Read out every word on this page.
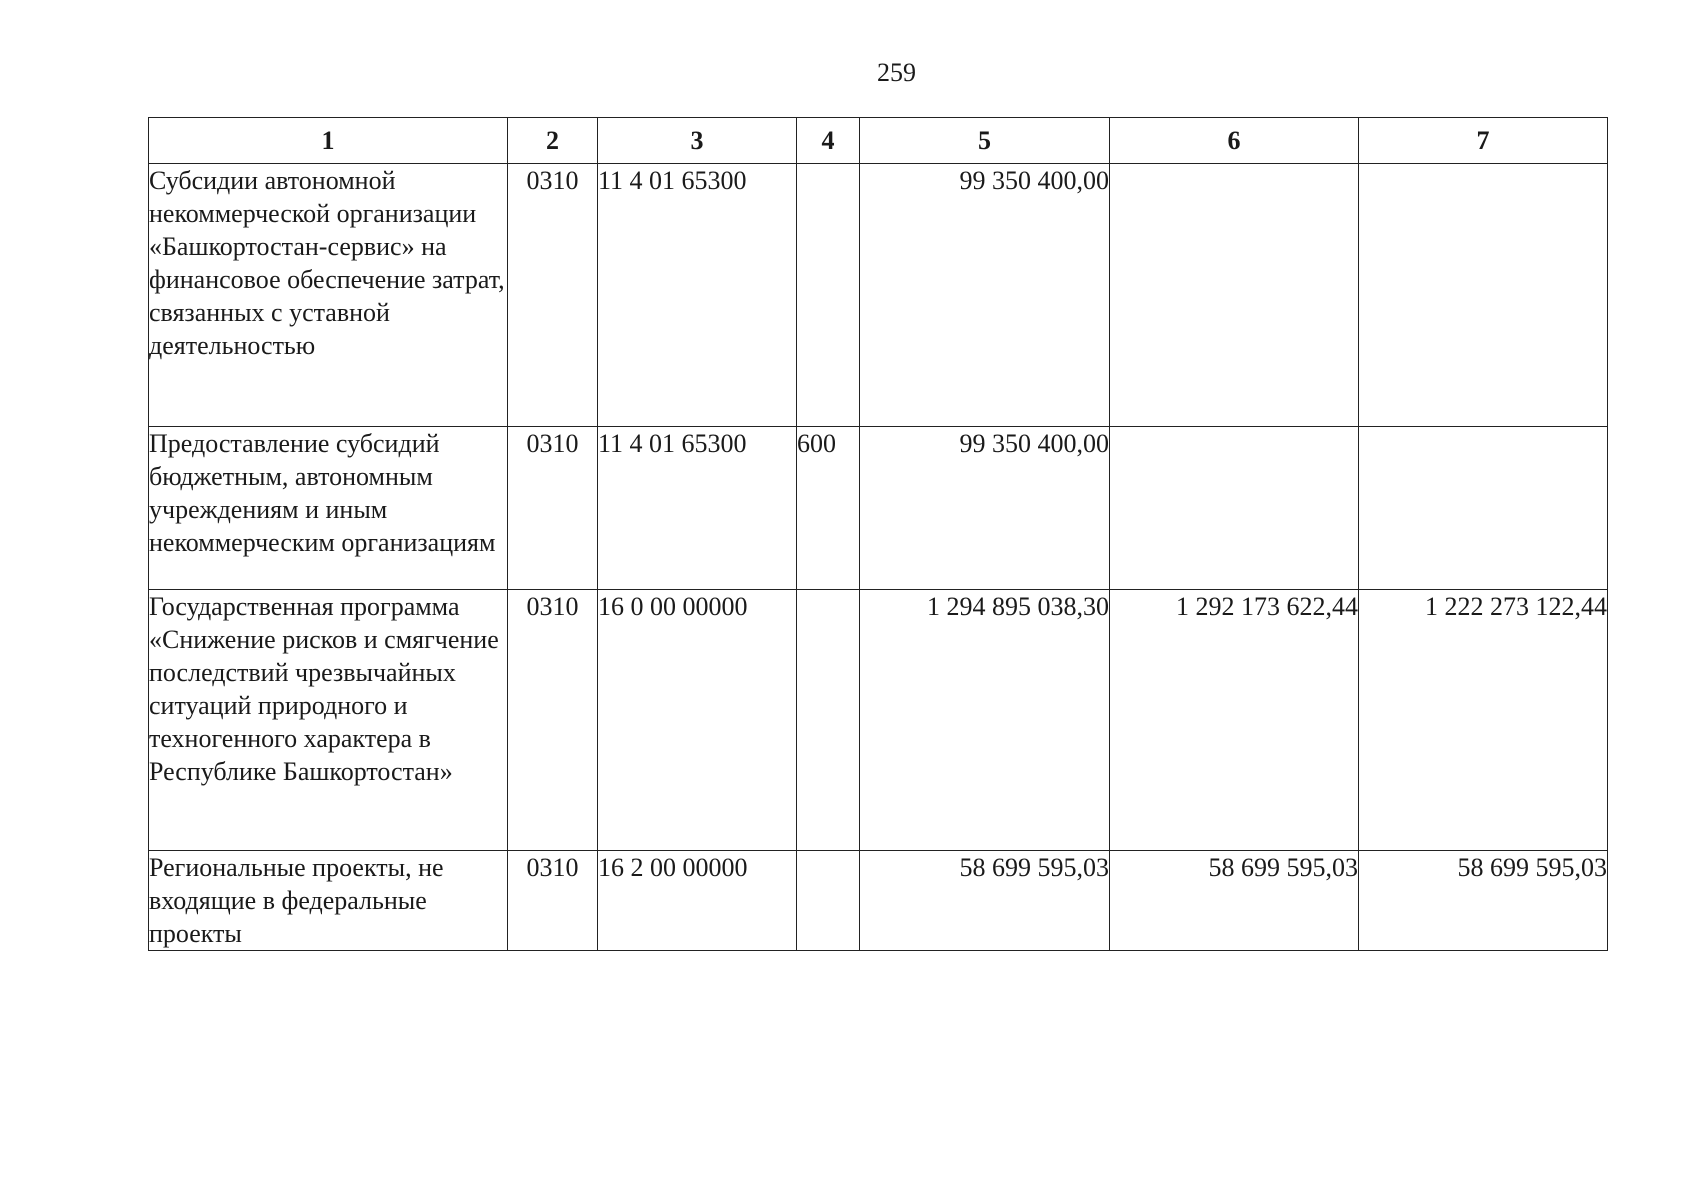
259
1	2	3	4	5	6	7
Субсидии автономной некоммерческой организации «Башкортостан-сервис» на финансовое обеспечение затрат, связанных с уставной деятельностью	0310	11 4 01 65300		99 350 400,00		
Предоставление субсидий бюджетным, автономным учреждениям и иным некоммерческим организациям	0310	11 4 01 65300	600	99 350 400,00		
Государственная программа «Снижение рисков и смягчение последствий чрезвычайных ситуаций природного и техногенного характера в Республике Башкортостан»	0310	16 0 00 00000		1 294 895 038,30	1 292 173 622,44	1 222 273 122,44
Региональные проекты, не входящие в федеральные проекты	0310	16 2 00 00000		58 699 595,03	58 699 595,03	58 699 595,03
